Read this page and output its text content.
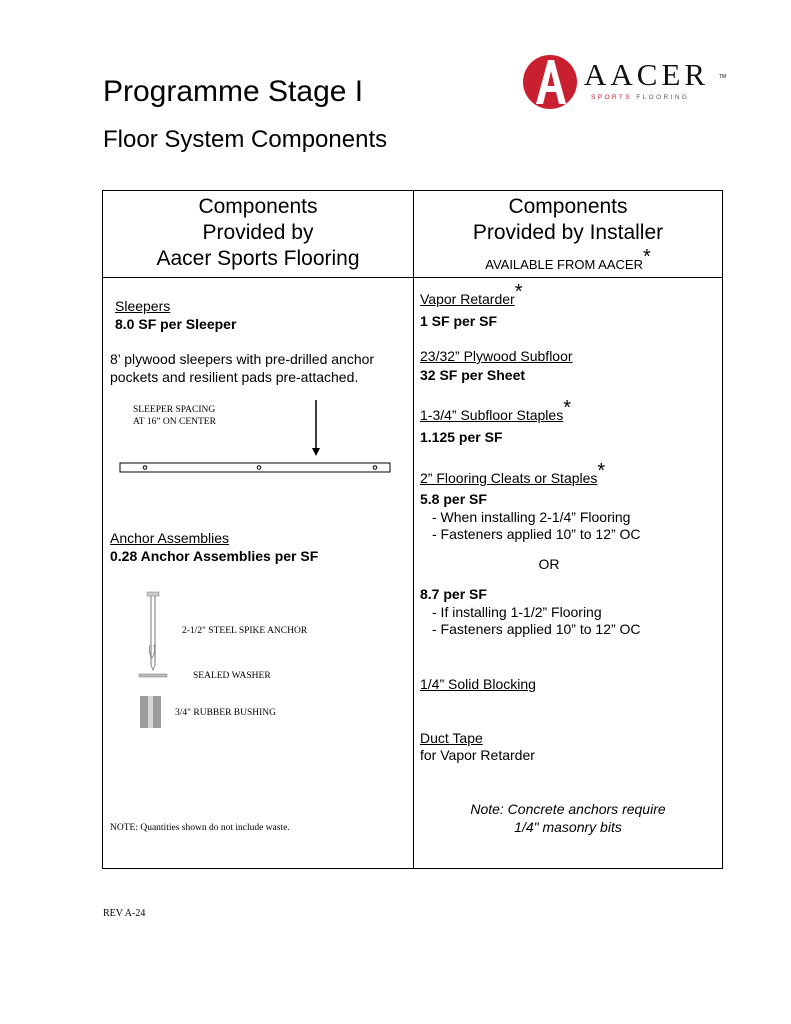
Programme Stage I
Floor System Components
AACER TM
SPORTS FLOORING
Components
Provided by
Aacer Sports Flooring
Components
Provided by Installer
AVAILABLE FROM AACER*
Sleepers
8.0 SF per Sleeper
8’ plywood sleepers with pre-drilled anchor
pockets and resilient pads pre-attached.
SLEEPER SPACING
AT 16” ON CENTER
Anchor Assemblies
0.28 Anchor Assemblies per SF
2-1/2" STEEL SPIKE ANCHOR
SEALED WASHER
3/4" RUBBER BUSHING
NOTE: Quantities shown do not include waste.
Vapor Retarder*
1 SF per SF
23/32” Plywood Subfloor
32 SF per Sheet
1-3/4” Subfloor Staples*
1.125 per SF
2” Flooring Cleats or Staples*
5.8 per SF
- When installing 2-1/4” Flooring
- Fasteners applied 10” to 12” OC
OR
8.7 per SF
- If installing 1-1/2” Flooring
- Fasteners applied 10” to 12” OC
1/4” Solid Blocking
Duct Tape
for Vapor Retarder
Note: Concrete anchors require
1/4" masonry bits
REV A-24
